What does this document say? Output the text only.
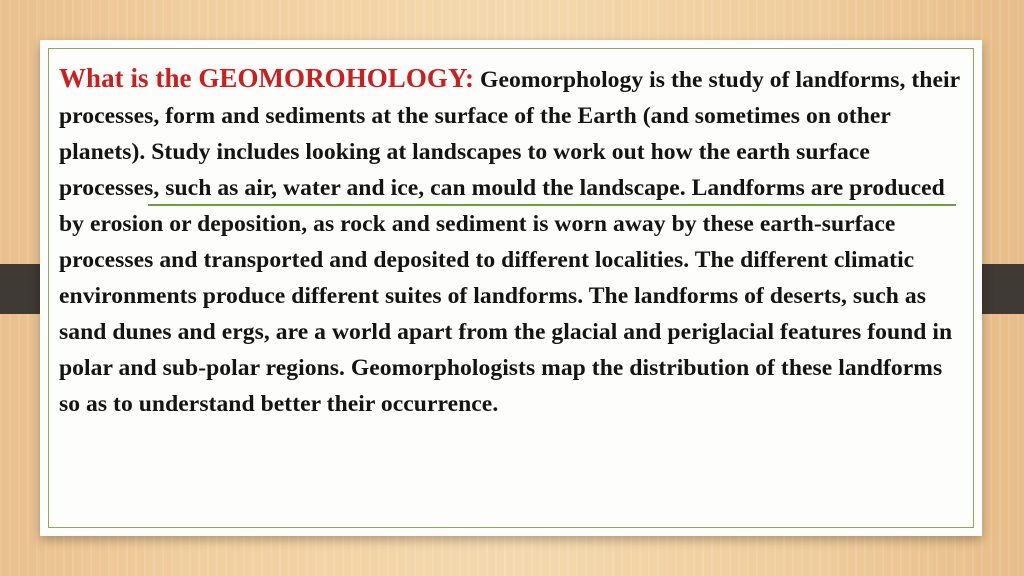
What is the GEOMOROHOLOGY: Geomorphology is the study of landforms, their processes, form and sediments at the surface of the Earth (and sometimes on other planets). Study includes looking at landscapes to work out how the earth surface processes, such as air, water and ice, can mould the landscape. Landforms are produced by erosion or deposition, as rock and sediment is worn away by these earth-surface processes and transported and deposited to different localities. The different climatic environments produce different suites of landforms. The landforms of deserts, such as sand dunes and ergs, are a world apart from the glacial and periglacial features found in polar and sub-polar regions. Geomorphologists map the distribution of these landforms so as to understand better their occurrence.
